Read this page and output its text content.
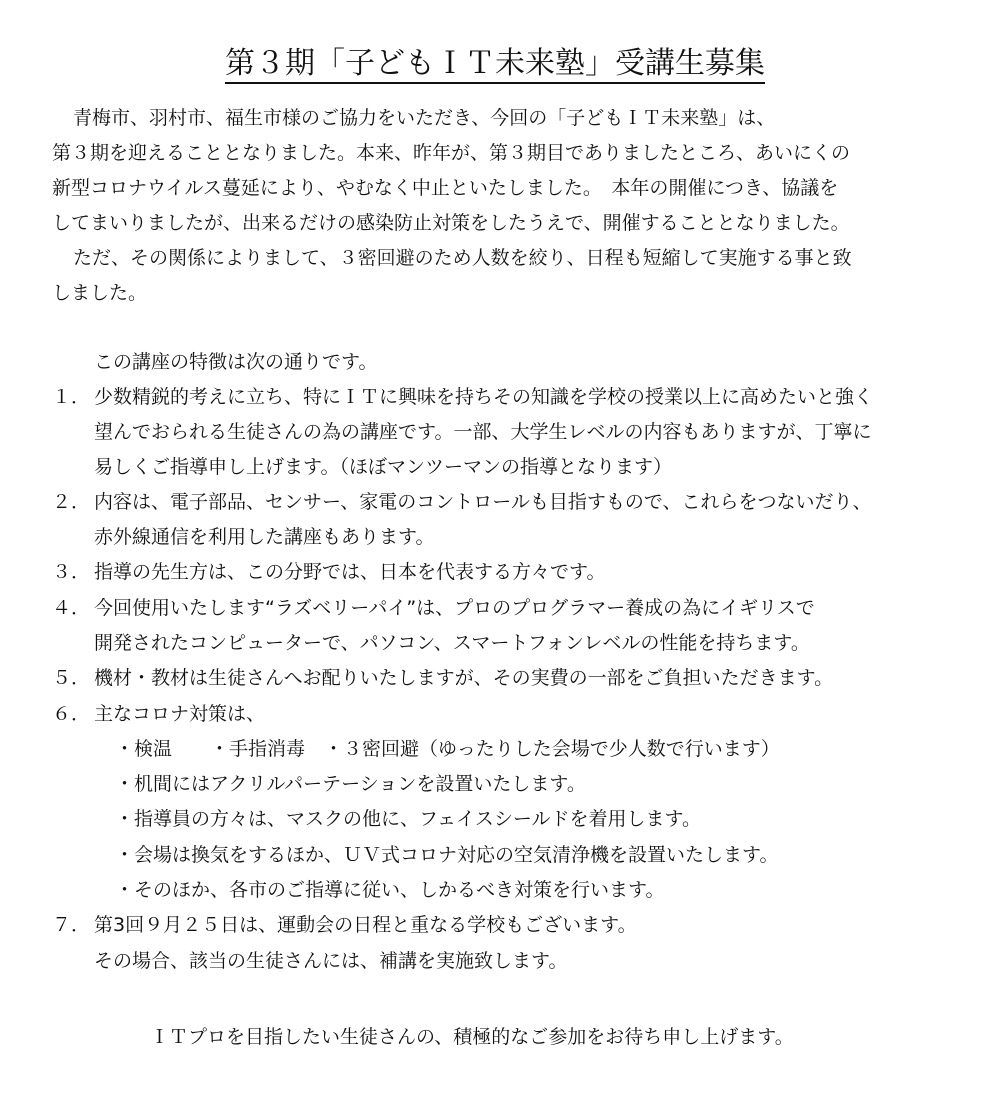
第３期「子どもＩＴ未来塾」受講生募集
青梅市、羽村市、福生市様のご協力をいただき、今回の「子どもＩＴ未来塾」は、
第３期を迎えることとなりました。本来、昨年が、第３期目でありましたところ、あいにくの
新型コロナウイルス蔓延により、やむなく中止といたしました。　本年の開催につき、協議を
してまいりましたが、出来るだけの感染防止対策をしたうえで、開催することとなりました。
ただ、その関係によりまして、３密回避のため人数を絞り、日程も短縮して実施する事と致
しました。
この講座の特徴は次の通りです。
１． 少数精鋭的考えに立ち、特にＩＴに興味を持ちその知識を学校の授業以上に高めたいと強く
望んでおられる生徒さんの為の講座です。一部、大学生レベルの内容もありますが、丁寧に
易しくご指導申し上げます。（ほぼマンツーマンの指導となります）
２． 内容は、電子部品、センサー、家電のコントロールも目指すもので、これらをつないだり、
赤外線通信を利用した講座もあります。
３． 指導の先生方は、この分野では、日本を代表する方々です。
４． 今回使用いたします“ラズベリーパイ”は、プロのプログラマー養成の為にイギリスで
開発されたコンピューターで、パソコン、スマートフォンレベルの性能を持ちます。
５． 機材・教材は生徒さんへお配りいたしますが、その実費の一部をご負担いただきます。
６． 主なコロナ対策は、
・検温　　・手指消毒　・３密回避（ゆったりした会場で少人数で行います）
・机間にはアクリルパーテーションを設置いたします。
・指導員の方々は、マスクの他に、フェイスシールドを着用します。
・会場は換気をするほか、ＵＶ式コロナ対応の空気清浄機を設置いたします。
・そのほか、各市のご指導に従い、しかるべき対策を行います。
７． 第3回９月２５日は、運動会の日程と重なる学校もございます。
その場合、該当の生徒さんには、補講を実施致します。
ＩＴプロを目指したい生徒さんの、積極的なご参加をお待ち申し上げます。
